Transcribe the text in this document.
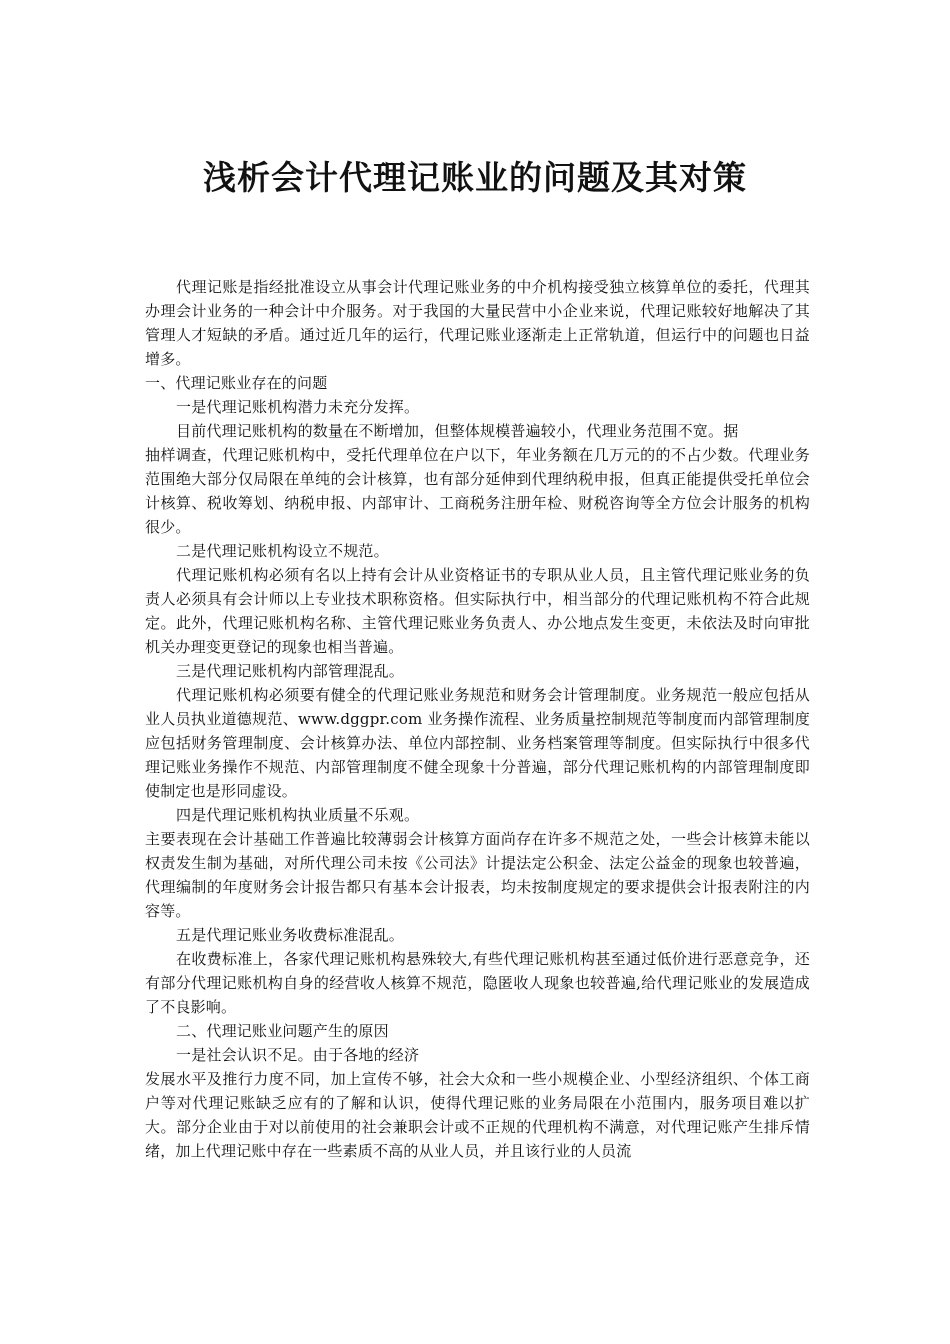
浅析会计代理记账业的问题及其对策

代理记账是指经批准设立从事会计代理记账业务的中介机构接受独立核算单位的委托，代理其办理会计业务的一种会计中介服务。对于我国的大量民营中小企业来说，代理记账较好地解决了其管理人才短缺的矛盾。通过近几年的运行，代理记账业逐渐走上正常轨道，但运行中的问题也日益增多。

一、代理记账业存在的问题

一是代理记账机构潜力未充分发挥。

目前代理记账机构的数量在不断增加，但整体规模普遍较小，代理业务范围不宽。据

抽样调查，代理记账机构中，受托代理单位在户以下，年业务额在几万元的的不占少数。代理业务范围绝大部分仅局限在单纯的会计核算，也有部分延伸到代理纳税申报，但真正能提供受托单位会计核算、税收筹划、纳税申报、内部审计、工商税务注册年检、财税咨询等全方位会计服务的机构很少。

二是代理记账机构设立不规范。

代理记账机构必须有名以上持有会计从业资格证书的专职从业人员，且主管代理记账业务的负责人必须具有会计师以上专业技术职称资格。但实际执行中，相当部分的代理记账机构不符合此规定。此外，代理记账机构名称、主管代理记账业务负责人、办公地点发生变更，未依法及时向审批机关办理变更登记的现象也相当普遍。

三是代理记账机构内部管理混乱。

代理记账机构必须要有健全的代理记账业务规范和财务会计管理制度。业务规范一般应包括从业人员执业道德规范、www.dggpr.com 业务操作流程、业务质量控制规范等制度而内部管理制度应包括财务管理制度、会计核算办法、单位内部控制、业务档案管理等制度。但实际执行中很多代理记账业务操作不规范、内部管理制度不健全现象十分普遍，部分代理记账机构的内部管理制度即使制定也是形同虚设。

四是代理记账机构执业质量不乐观。

主要表现在会计基础工作普遍比较薄弱会计核算方面尚存在许多不规范之处，一些会计核算未能以权责发生制为基础，对所代理公司未按《公司法》计提法定公积金、法定公益金的现象也较普遍，代理编制的年度财务会计报告都只有基本会计报表，均未按制度规定的要求提供会计报表附注的内容等。

五是代理记账业务收费标准混乱。

在收费标准上，各家代理记账机构悬殊较大,有些代理记账机构甚至通过低价进行恶意竞争，还有部分代理记账机构自身的经营收人核算不规范，隐匿收人现象也较普遍,给代理记账业的发展造成了不良影响。

二、代理记账业问题产生的原因

一是社会认识不足。由于各地的经济

发展水平及推行力度不同，加上宣传不够，社会大众和一些小规模企业、小型经济组织、个体工商户等对代理记账缺乏应有的了解和认识，使得代理记账的业务局限在小范围内，服务项目难以扩大。部分企业由于对以前使用的社会兼职会计或不正规的代理机构不满意，对代理记账产生排斥情绪，加上代理记账中存在一些素质不高的从业人员，并且该行业的人员流
